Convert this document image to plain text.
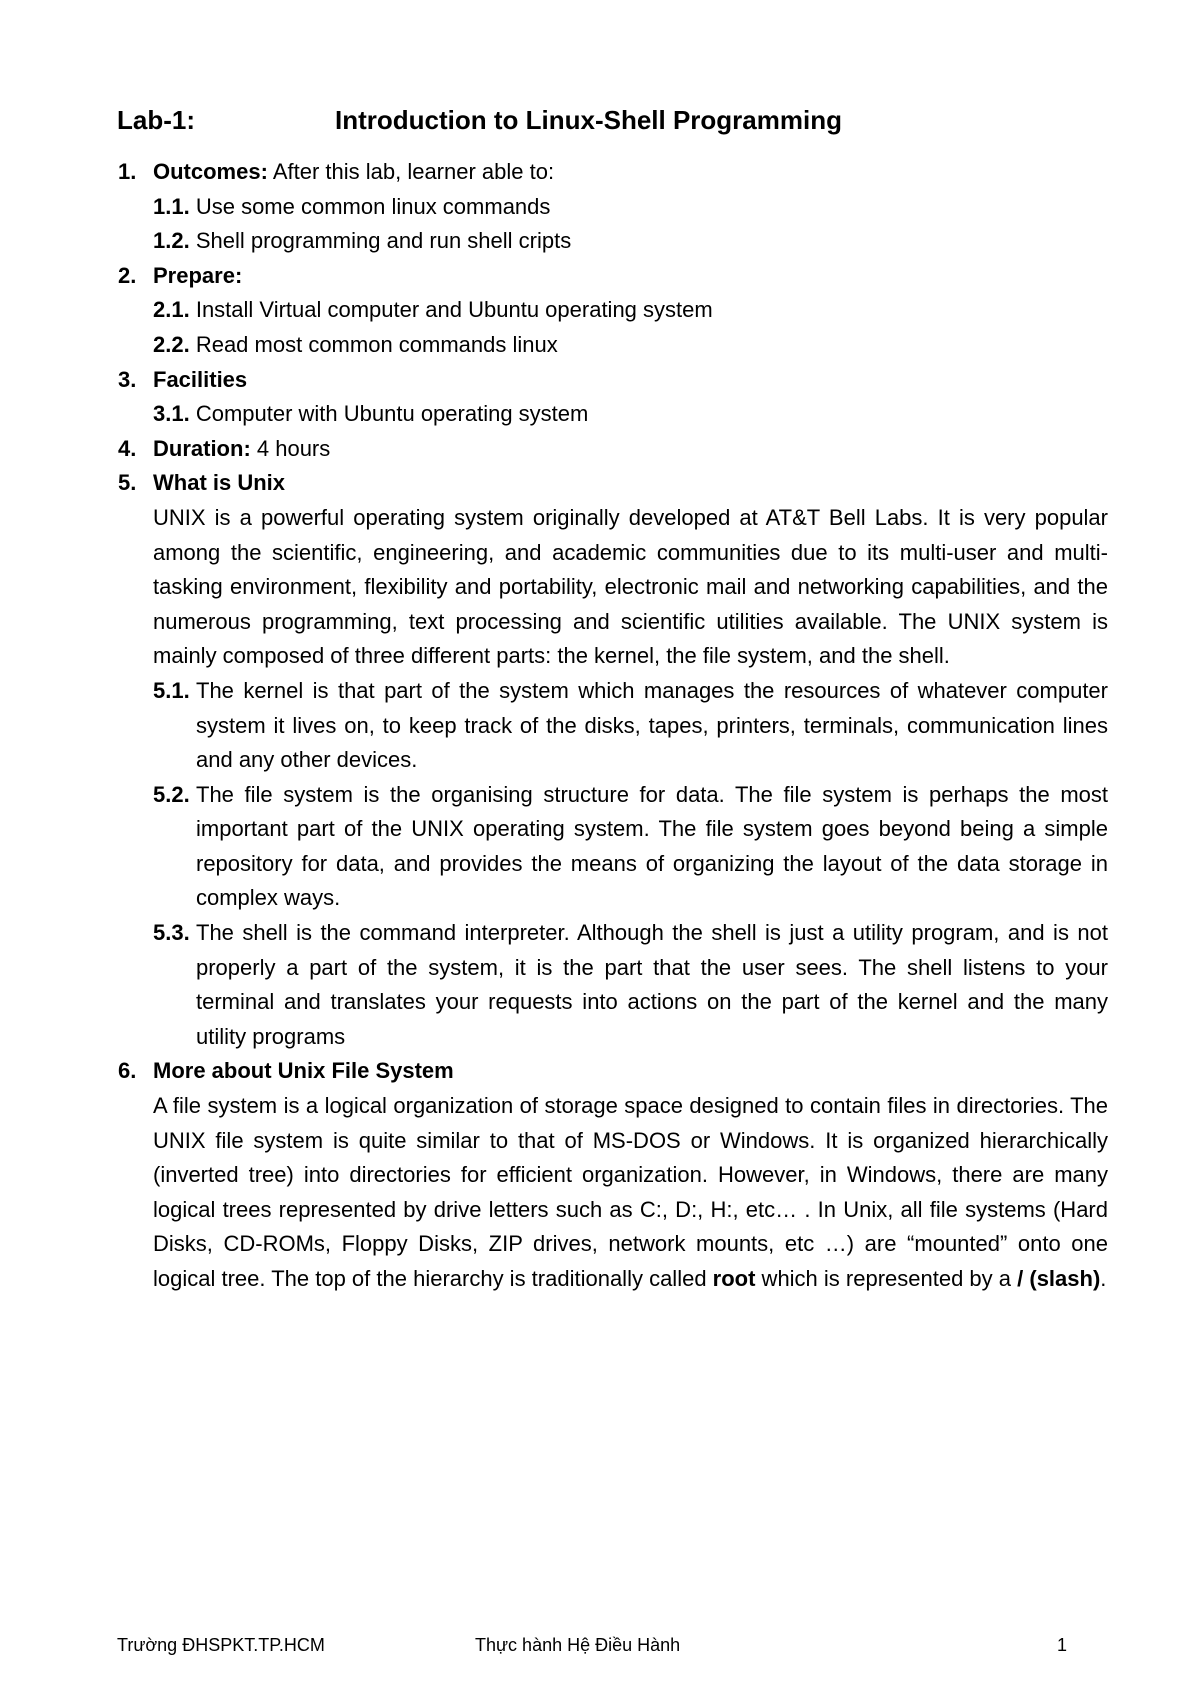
Lab-1:	Introduction to Linux-Shell Programming
1. Outcomes: After this lab, learner able to:
1.1. Use some common linux commands
1.2. Shell programming and run shell cripts
2. Prepare:
2.1. Install Virtual computer and Ubuntu operating system
2.2. Read most common commands linux
3. Facilities
3.1. Computer with Ubuntu operating system
4. Duration: 4 hours
5. What is Unix
UNIX is a powerful operating system originally developed at AT&T Bell Labs. It is very popular among the scientific, engineering, and academic communities due to its multi-user and multi-tasking environment, flexibility and portability, electronic mail and networking capabilities, and the numerous programming, text processing and scientific utilities available. The UNIX system is mainly composed of three different parts: the kernel, the file system, and the shell.
5.1. The kernel is that part of the system which manages the resources of whatever computer system it lives on, to keep track of the disks, tapes, printers, terminals, communication lines and any other devices.
5.2. The file system is the organising structure for data. The file system is perhaps the most important part of the UNIX operating system. The file system goes beyond being a simple repository for data, and provides the means of organizing the layout of the data storage in complex ways.
5.3. The shell is the command interpreter. Although the shell is just a utility program, and is not properly a part of the system, it is the part that the user sees. The shell listens to your terminal and translates your requests into actions on the part of the kernel and the many utility programs
6. More about Unix File System
A file system is a logical organization of storage space designed to contain files in directories. The UNIX file system is quite similar to that of MS-DOS or Windows. It is organized hierarchically (inverted tree) into directories for efficient organization. However, in Windows, there are many logical trees represented by drive letters such as C:, D:, H:, etc… . In Unix, all file systems (Hard Disks, CD-ROMs, Floppy Disks, ZIP drives, network mounts, etc …) are “mounted” onto one logical tree. The top of the hierarchy is traditionally called root which is represented by a / (slash).
Trường ĐHSPKT.TP.HCM	Thực hành Hệ Điều Hành	1
